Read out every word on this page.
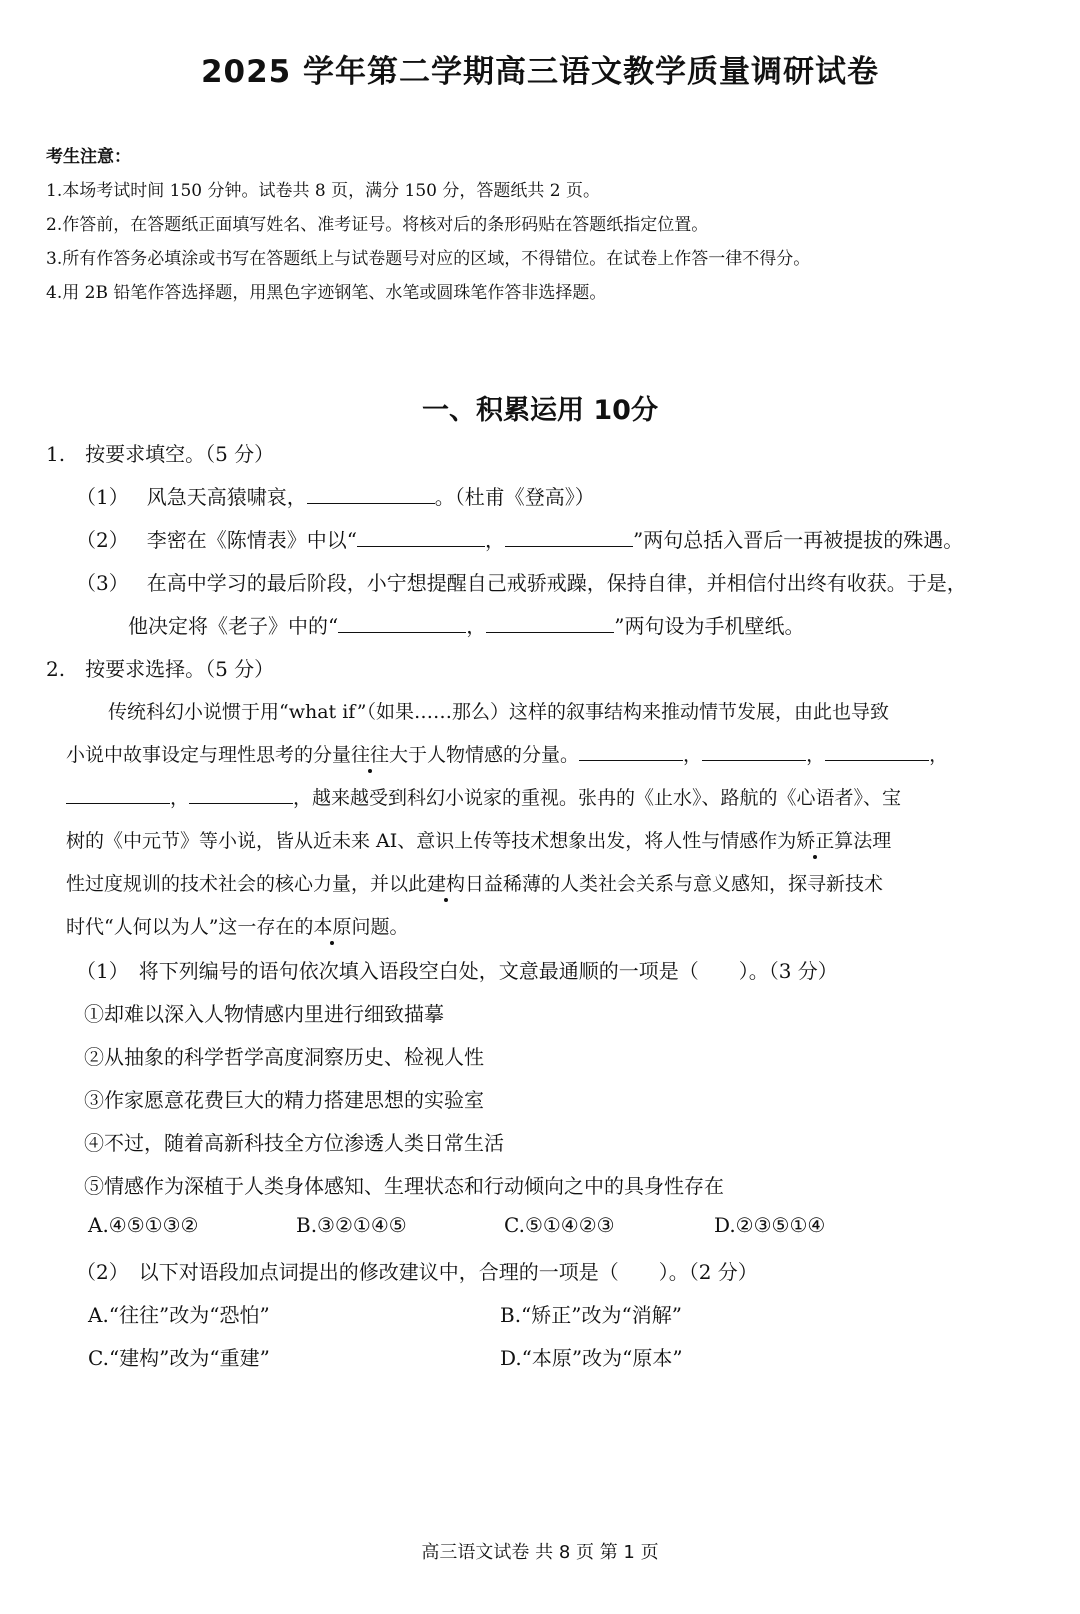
2025 学年第二学期高三语文教学质量调研试卷
考生注意：
1.本场考试时间 150 分钟。试卷共 8 页，满分 150 分，答题纸共 2 页。
2.作答前，在答题纸正面填写姓名、准考证号。将核对后的条形码贴在答题纸指定位置。
3.所有作答务必填涂或书写在答题纸上与试卷题号对应的区域，不得错位。在试卷上作答一律不得分。
4.用 2B 铅笔作答选择题，用黑色字迹钢笔、水笔或圆珠笔作答非选择题。
一、积累运用 10分
1.　按要求填空。（5 分）
（1） 风急天高猿啸哀，	。（杜甫《登高》）
（2） 李密在《陈情表》中以“	，	”两句总括入晋后一再被提拔的殊遇。
（3） 在高中学习的最后阶段，小宁想提醒自己戒骄戒躁，保持自律，并相信付出终有收获。于是，
他决定将《老子》中的“	，	”两句设为手机壁纸。
2.　按要求选择。（5 分）
传统科幻小说惯于用“what if”（如果……那么）这样的叙事结构来推动情节发展，由此也导致
小说中故事设定与理性思考的分量往往大于人物情感的分量。	，	，	，
，	，越来越受到科幻小说家的重视。张冉的《止水》、路航的《心语者》、宝
树的《中元节》等小说，皆从近未来 AI、意识上传等技术想象出发，将人性与情感作为矫正算法理
性过度规训的技术社会的核心力量，并以此建构日益稀薄的人类社会关系与意义感知，探寻新技术
时代“人何以为人”这一存在的本原问题。
（1）　将下列编号的语句依次填入语段空白处，文意最通顺的一项是（　　）。（3 分）
①却难以深入人物情感内里进行细致描摹
②从抽象的科学哲学高度洞察历史、检视人性
③作家愿意花费巨大的精力搭建思想的实验室
④不过，随着高新科技全方位渗透人类日常生活
⑤情感作为深植于人类身体感知、生理状态和行动倾向之中的具身性存在
A.④⑤①③②	B.③②①④⑤	C.⑤①④②③	D.②③⑤①④
（2）　以下对语段加点词提出的修改建议中，合理的一项是（　　）。（2 分）
A.“往往”改为“恐怕”	B.“矫正”改为“消解”
C.“建构”改为“重建”	D.“本原”改为“原本”
高三语文试卷 共 8 页 第 1 页
